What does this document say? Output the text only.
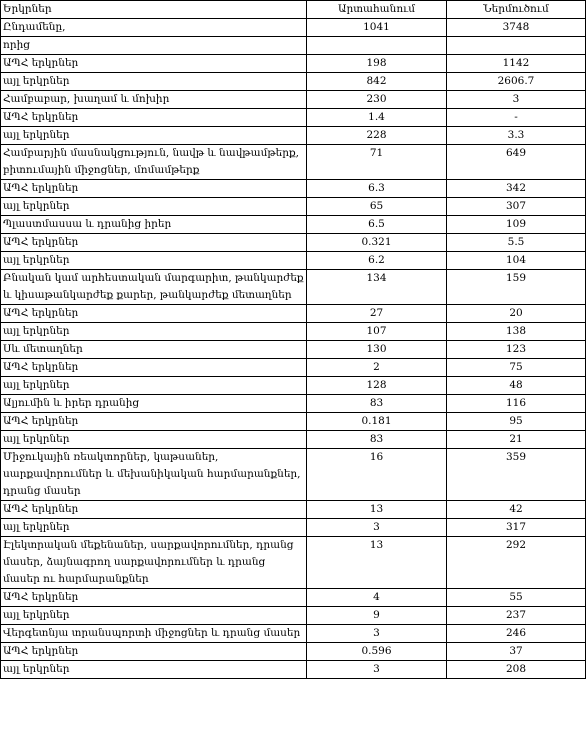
Երկրներ	Արտահանում	Ներմուծում
Ընդամենը,	1041	3748
որից		
ԱՊՀ երկրներ	198	1142
այլ երկրներ	842	2606.7
Համբաբար, խաղամ և մոխիր	230	3
ԱՊՀ երկրներ	1.4	-
այլ երկրներ	228	3.3
Համբարյին մասնակցություն, նավթ և նավթամթերք, բիտումային միջոցներ, մոմամթերք	71	649
ԱՊՀ երկրներ	6.3	342
այլ երկրներ	65	307
Պլաստմասսա և դրանից իրեր	6.5	109
ԱՊՀ երկրներ	0.321	5.5
այլ երկրներ	6.2	104
Բնական կամ արհեստական մարգարիտ, թանկարժեք և կիսաթանկարժեք քարեր, թանկարժեք մետաղներ	134	159
ԱՊՀ երկրներ	27	20
այլ երկրներ	107	138
Սև մետաղներ	130	123
ԱՊՀ երկրներ	2	75
այլ երկրներ	128	48
Ալյումին և իրեր դրանից	83	116
ԱՊՀ երկրներ	0.181	95
այլ երկրներ	83	21
Միջուկային ռեակտորներ, կաթսաներ, սարքավորումներ և մեխանիկական հարմարանքներ, դրանց մասեր	16	359
ԱՊՀ երկրներ	13	42
այլ երկրներ	3	317
Էլեկտրական մեքենաներ, սարքավորումներ, դրանց մասեր, ձայնագրող սարքավորումներ և դրանց մասեր ու հարմարանքներ	13	292
ԱՊՀ երկրներ	4	55
այլ երկրներ	9	237
Վերգետնյա տրանսպորտի միջոցներ և դրանց մասեր	3	246
ԱՊՀ երկրներ	0.596	37
այլ երկրներ	3	208
